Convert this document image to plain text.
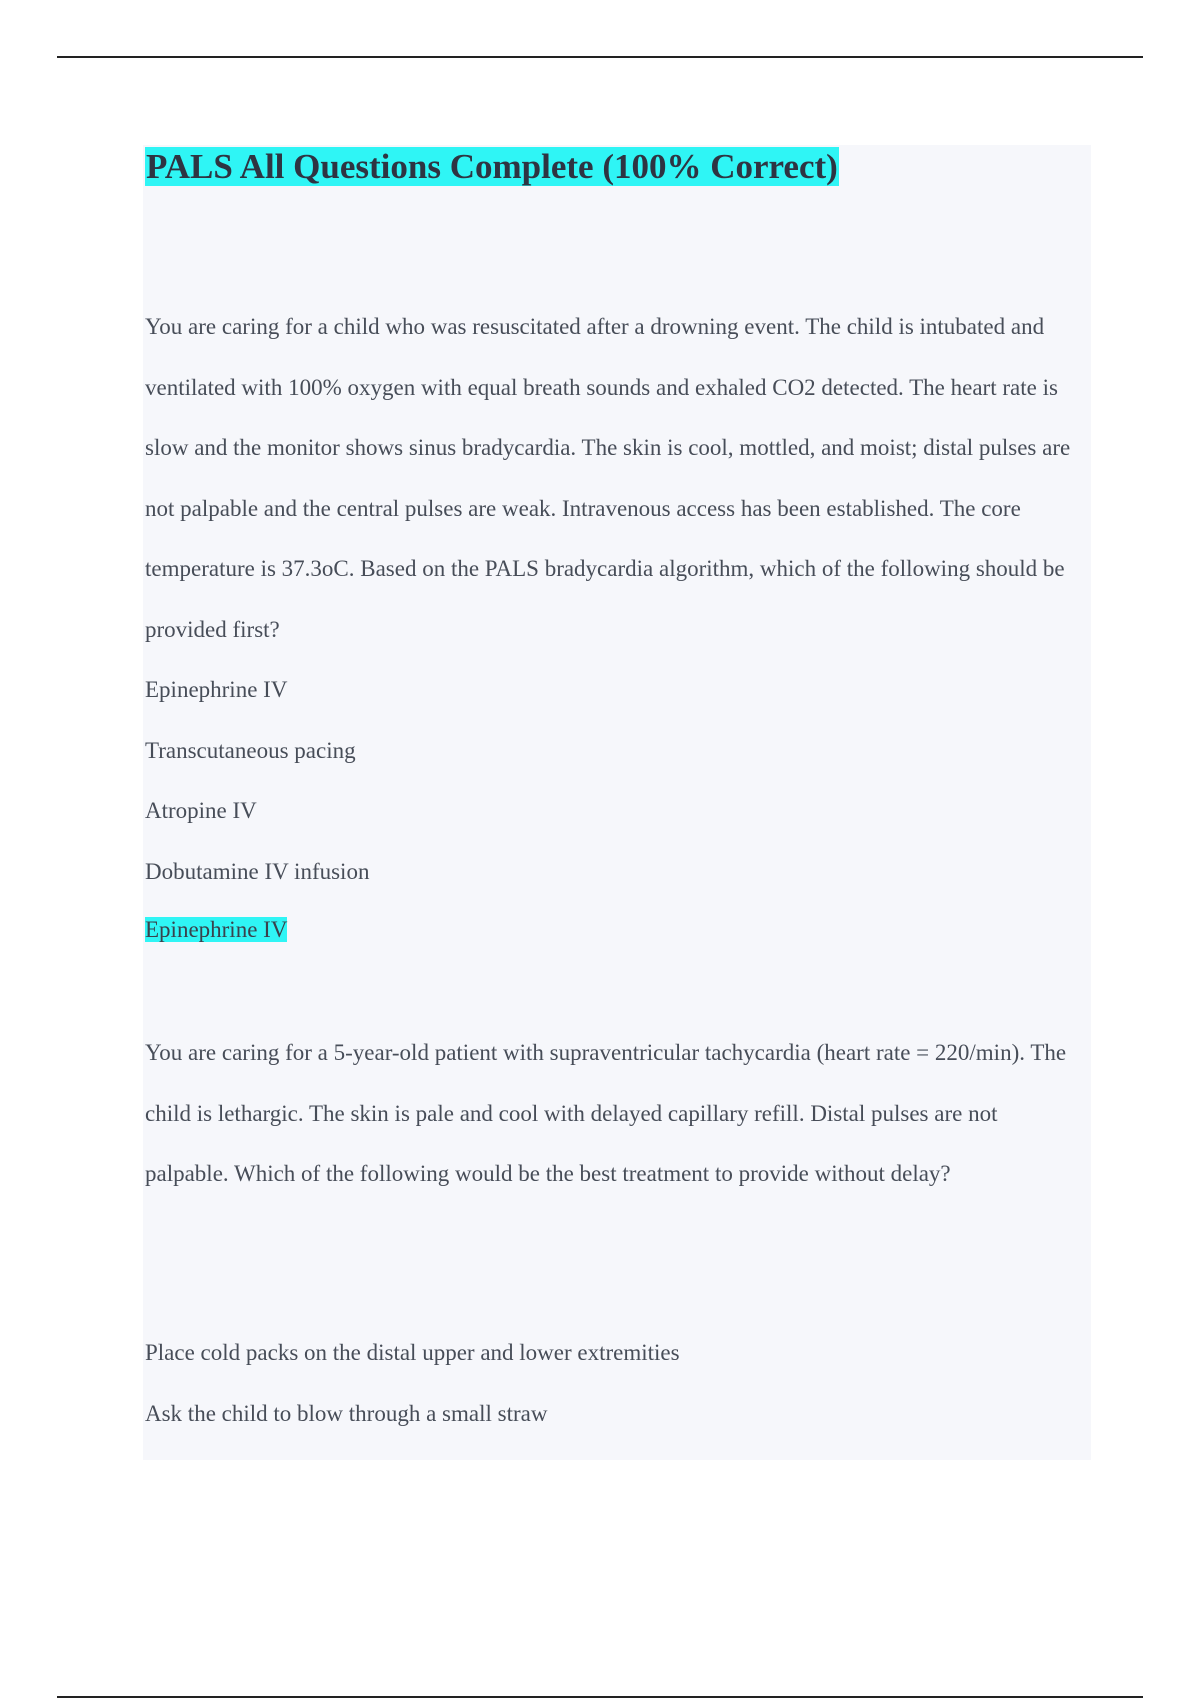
PALS All Questions Complete (100% Correct)

You are caring for a child who was resuscitated after a drowning event. The child is intubated and ventilated with 100% oxygen with equal breath sounds and exhaled CO2 detected. The heart rate is slow and the monitor shows sinus bradycardia. The skin is cool, mottled, and moist; distal pulses are not palpable and the central pulses are weak. Intravenous access has been established. The core temperature is 37.3oC. Based on the PALS bradycardia algorithm, which of the following should be provided first?

Epinephrine IV
Transcutaneous pacing
Atropine IV
Dobutamine IV infusion
Epinephrine IV

You are caring for a 5-year-old patient with supraventricular tachycardia (heart rate = 220/min). The child is lethargic. The skin is pale and cool with delayed capillary refill. Distal pulses are not palpable. Which of the following would be the best treatment to provide without delay?

Place cold packs on the distal upper and lower extremities
Ask the child to blow through a small straw
